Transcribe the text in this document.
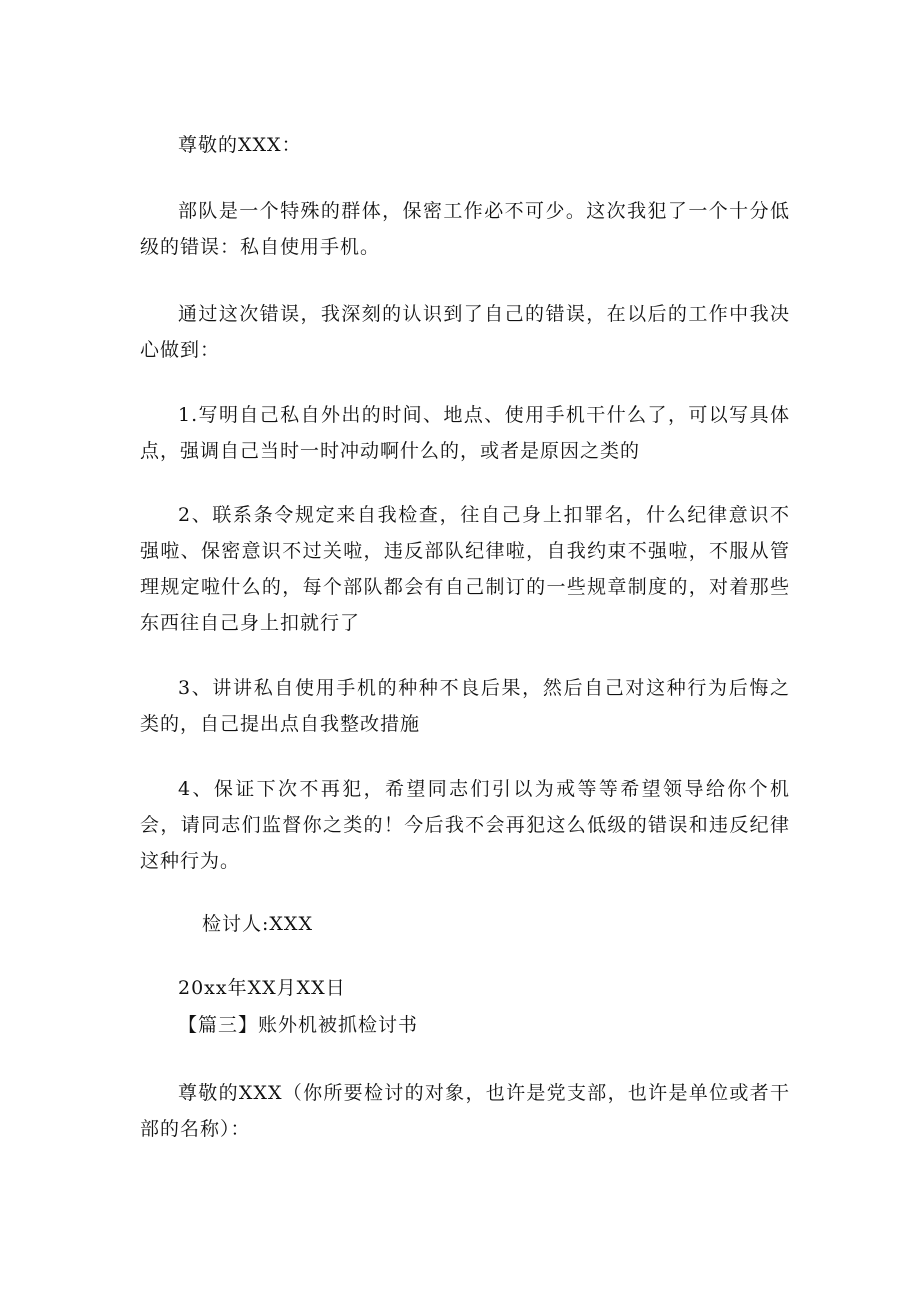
尊敬的XXX：
部队是一个特殊的群体，保密工作必不可少。这次我犯了一个十分低级的错误：私自使用手机。
通过这次错误，我深刻的认识到了自己的错误，在以后的工作中我决心做到：
1.写明自己私自外出的时间、地点、使用手机干什么了，可以写具体点，强调自己当时一时冲动啊什么的，或者是原因之类的
2、联系条令规定来自我检查，往自己身上扣罪名，什么纪律意识不强啦、保密意识不过关啦，违反部队纪律啦，自我约束不强啦，不服从管理规定啦什么的，每个部队都会有自己制订的一些规章制度的，对着那些东西往自己身上扣就行了
3、讲讲私自使用手机的种种不良后果，然后自己对这种行为后悔之类的，自己提出点自我整改措施
4、保证下次不再犯，希望同志们引以为戒等等希望领导给你个机会，请同志们监督你之类的！今后我不会再犯这么低级的错误和违反纪律这种行为。
检讨人:XXX
20xx年XX月XX日
【篇三】账外机被抓检讨书
尊敬的XXX（你所要检讨的对象，也许是党支部，也许是单位或者干部的名称）：
